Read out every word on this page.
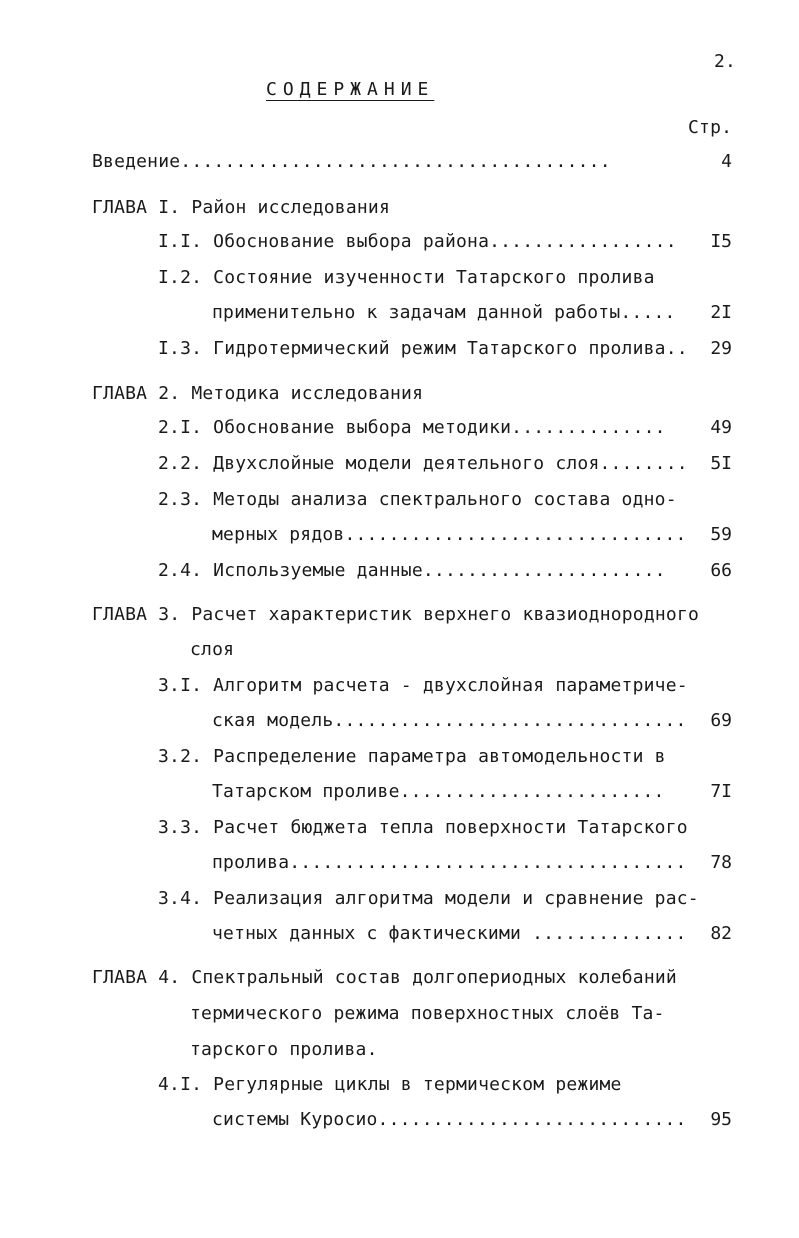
2.
СОДЕРЖАНИЕ
Стр.
Введение.......................................	4
ГЛАВА I. Район исследования
I.I. Обоснование выбора района.................	I5
I.2. Состояние изученности Татарского пролива
применительно к задачам данной работы.....	2I
I.3. Гидротермический режим Татарского пролива..	29
ГЛАВА 2. Методика исследования
2.I. Обоснование выбора методики..............	49
2.2. Двухслойные модели деятельного слоя........	5I
2.3. Методы анализа спектрального состава одно-
мерных рядов...............................	59
2.4. Используемые данные......................	66
ГЛАВА 3. Расчет характеристик верхнего квазиоднородного
слоя
3.I. Алгоритм расчета - двухслойная параметриче-
ская модель................................	69
3.2. Распределение параметра автомодельности в
Татарском проливе........................	7I
3.3. Расчет бюджета тепла поверхности Татарского
пролива....................................	78
3.4. Реализация алгоритма модели и сравнение рас-
четных данных с фактическими ..............	82
ГЛАВА 4. Спектральный состав долгопериодных колебаний
термического режима поверхностных слоёв Та-
тарского пролива.
4.I. Регулярные циклы в термическом режиме
системы Куросио............................	95
